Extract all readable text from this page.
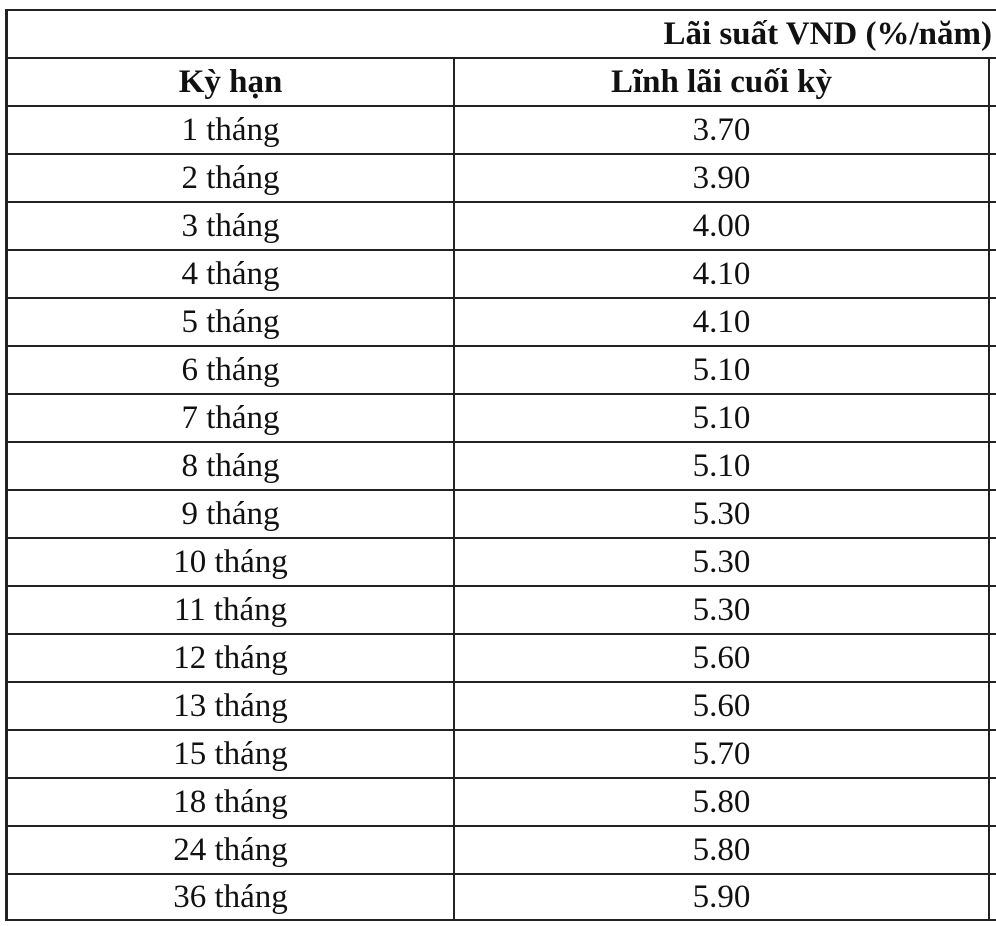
Lãi suất VND (%/năm)
Kỳ hạn	Lĩnh lãi cuối kỳ
1 tháng	3.70
2 tháng	3.90
3 tháng	4.00
4 tháng	4.10
5 tháng	4.10
6 tháng	5.10
7 tháng	5.10
8 tháng	5.10
9 tháng	5.30
10 tháng	5.30
11 tháng	5.30
12 tháng	5.60
13 tháng	5.60
15 tháng	5.70
18 tháng	5.80
24 tháng	5.80
36 tháng	5.90
